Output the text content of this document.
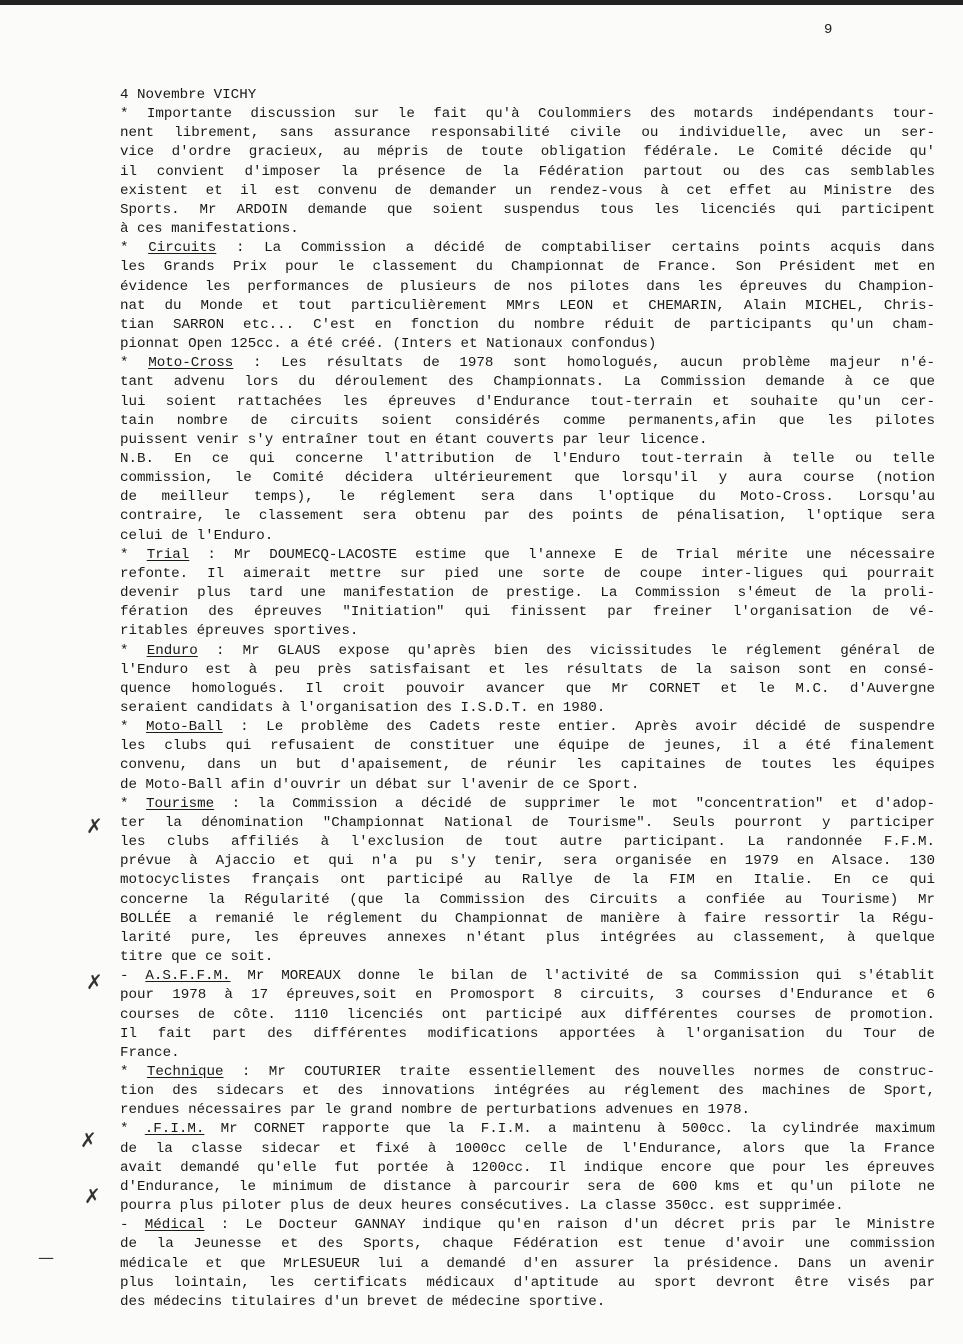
9

4 Novembre VICHY

* Importante discussion sur le fait qu'à Coulommiers des motards indépendants tour-
nent librement, sans assurance responsabilité civile ou individuelle, avec un ser-
vice d'ordre gracieux, au mépris de toute obligation fédérale. Le Comité décide qu'
il convient d'imposer la présence de la Fédération partout ou des cas semblables
existent et il est convenu de demander un rendez-vous à cet effet au Ministre des
Sports. Mr ARDOIN demande que soient suspendus tous les licenciés qui participent
à ces manifestations.

* Circuits : La Commission a décidé de comptabiliser certains points acquis dans
les Grands Prix pour le classement du Championnat de France. Son Président met en
évidence les performances de plusieurs de nos pilotes dans les épreuves du Champion-
nat du Monde et tout particulièrement MMrs LEON et CHEMARIN, Alain MICHEL, Chris-
tian SARRON etc... C'est en fonction du nombre réduit de participants qu'un cham-
pionnat Open 125cc. a été créé. (Inters et Nationaux confondus)

* Moto-Cross : Les résultats de 1978 sont homologués, aucun problème majeur n'é-
tant advenu lors du déroulement des Championnats. La Commission demande à ce que
lui soient rattachées les épreuves d'Endurance tout-terrain et souhaite qu'un cer-
tain nombre de circuits soient considérés comme permanents,afin que les pilotes
puissent venir s'y entraîner tout en étant couverts par leur licence.

N.B. En ce qui concerne l'attribution de l'Enduro tout-terrain à telle ou telle
commission, le Comité décidera ultérieurement que lorsqu'il y aura course (notion
de meilleur temps), le réglement sera dans l'optique du Moto-Cross. Lorsqu'au
contraire, le classement sera obtenu par des points de pénalisation, l'optique sera
celui de l'Enduro.

* Trial : Mr DOUMECQ-LACOSTE estime que l'annexe E de Trial mérite une nécessaire
refonte. Il aimerait mettre sur pied une sorte de coupe inter-ligues qui pourrait
devenir plus tard une manifestation de prestige. La Commission s'émeut de la proli-
fération des épreuves "Initiation" qui finissent par freiner l'organisation de vé-
ritables épreuves sportives.

* Enduro : Mr GLAUS expose qu'après bien des vicissitudes le réglement général de
l'Enduro est à peu près satisfaisant et les résultats de la saison sont en consé-
quence homologués. Il croit pouvoir avancer que Mr CORNET et le M.C. d'Auvergne
seraient candidats à l'organisation des I.S.D.T. en 1980.

* Moto-Ball : Le problème des Cadets reste entier. Après avoir décidé de suspendre
les clubs qui refusaient de constituer une équipe de jeunes, il a été finalement
convenu, dans un but d'apaisement, de réunir les capitaines de toutes les équipes
de Moto-Ball afin d'ouvrir un débat sur l'avenir de ce Sport.

* Tourisme : la Commission a décidé de supprimer le mot "concentration" et d'adop-
ter la dénomination "Championnat National de Tourisme". Seuls pourront y participer
les clubs affiliés à l'exclusion de tout autre participant. La randonnée F.F.M.
prévue à Ajaccio et qui n'a pu s'y tenir, sera organisée en 1979 en Alsace. 130
motocyclistes français ont participé au Rallye de la FIM en Italie. En ce qui
concerne la Régularité (que la Commission des Circuits a confiée au Tourisme) Mr
BOLLÉE a remanié le réglement du Championnat de manière à faire ressortir la Régu-
larité pure, les épreuves annexes n'étant plus intégrées au classement, à quelque
titre que ce soit.

- A.S.F.F.M. Mr MOREAUX donne le bilan de l'activité de sa Commission qui s'établit
pour 1978 à 17 épreuves,soit en Promosport 8 circuits, 3 courses d'Endurance et 6
courses de côte. 1110 licenciés ont participé aux différentes courses de promotion.
Il fait part des différentes modifications apportées à l'organisation du Tour de
France.

* Technique : Mr COUTURIER traite essentiellement des nouvelles normes de construc-
tion des sidecars et des innovations intégrées au réglement des machines de Sport,
rendues nécessaires par le grand nombre de perturbations advenues en 1978.

* .F.I.M. Mr CORNET rapporte que la F.I.M. a maintenu à 500cc. la cylindrée maximum
de la classe sidecar et fixé à 1000cc celle de l'Endurance, alors que la France
avait demandé qu'elle fut portée à 1200cc. Il indique encore que pour les épreuves
d'Endurance, le minimum de distance à parcourir sera de 600 kms et qu'un pilote ne
pourra plus piloter plus de deux heures consécutives. La classe 350cc. est supprimée.

- Médical : Le Docteur GANNAY indique qu'en raison d'un décret pris par le Ministre
de la Jeunesse et des Sports, chaque Fédération est tenue d'avoir une commission
médicale et que MrLESUEUR lui a demandé d'en assurer la présidence. Dans un avenir
plus lointain, les certificats médicaux d'aptitude au sport devront être visés par
des médecins titulaires d'un brevet de médecine sportive.

✗
✗
✗
✗
—
